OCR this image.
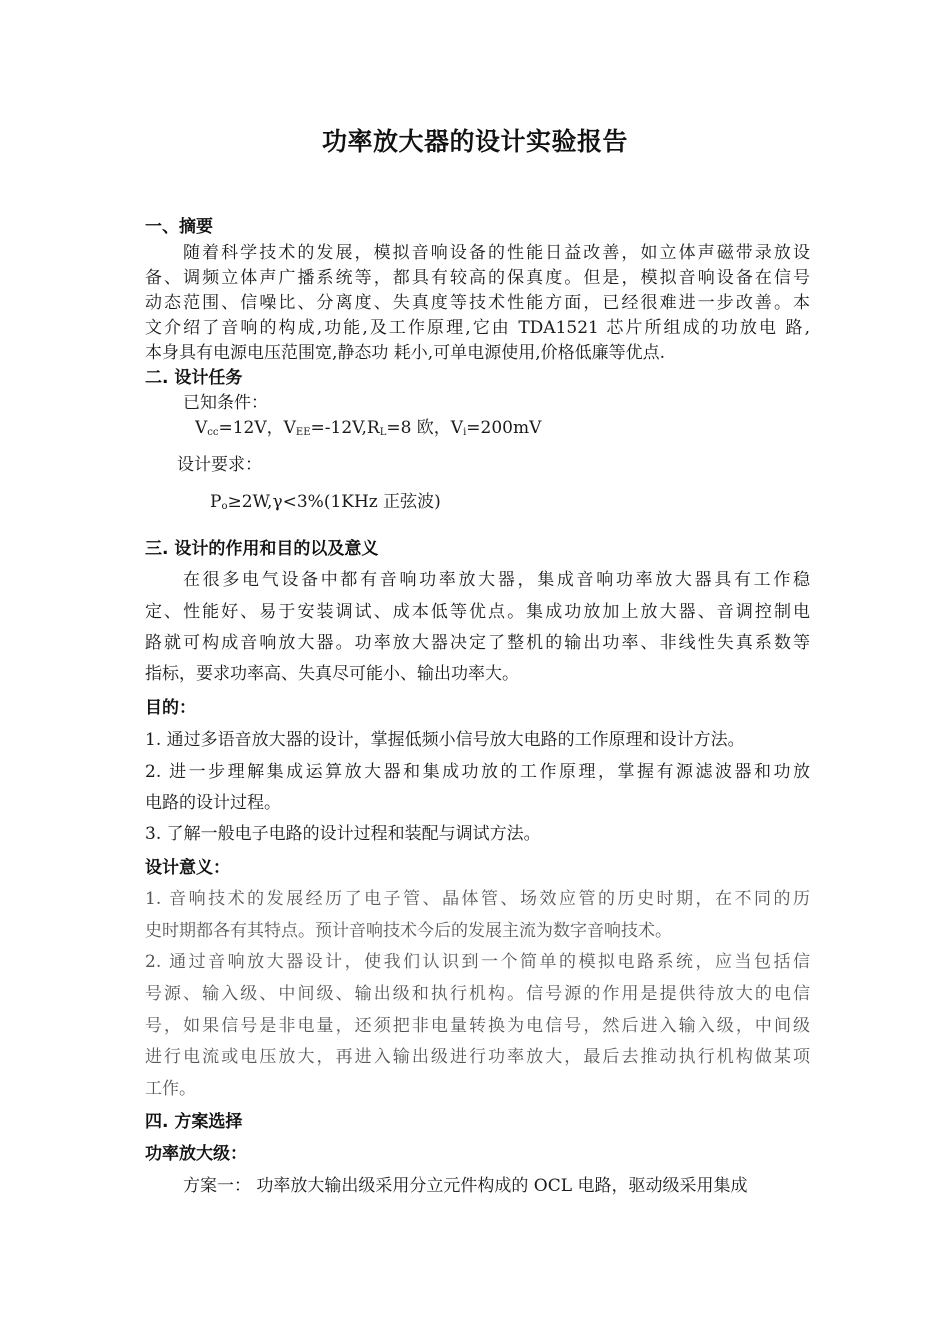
功率放大器的设计实验报告
一、摘要
随着科学技术的发展，模拟音响设备的性能日益改善，如立体声磁带录放设
备、调频立体声广播系统等，都具有较高的保真度。但是，模拟音响设备在信号
动态范围、信噪比、分离度、失真度等技术性能方面，已经很难进一步改善。本
文介绍了音响的构成,功能,及工作原理,它由 TDA1521 芯片所组成的功放电 路,
本身具有电源电压范围宽,静态功 耗小,可单电源使用,价格低廉等优点.
二. 设计任务
已知条件：
$V_{cc}=12V$，$V_{EE}=-12V,R_L=8$ 欧，$V_i=200mV$
设计要求：
$P_o\ge 2W,\gamma<3\%(1KHz$ 正弦波)
三. 设计的作用和目的以及意义
在很多电气设备中都有音响功率放大器，集成音响功率放大器具有工作稳
定、性能好、易于安装调试、成本低等优点。集成功放加上放大器、音调控制电
路就可构成音响放大器。功率放大器决定了整机的输出功率、非线性失真系数等
指标，要求功率高、失真尽可能小、输出功率大。
目的：
1. 通过多语音放大器的设计，掌握低频小信号放大电路的工作原理和设计方法。
2. 进一步理解集成运算放大器和集成功放的工作原理，掌握有源滤波器和功放
电路的设计过程。
3. 了解一般电子电路的设计过程和装配与调试方法。
设计意义：
1. 音响技术的发展经历了电子管、晶体管、场效应管的历史时期，在不同的历
史时期都各有其特点。预计音响技术今后的发展主流为数字音响技术。
2. 通过音响放大器设计，使我们认识到一个简单的模拟电路系统，应当包括信
号源、输入级、中间级、输出级和执行机构。信号源的作用是提供待放大的电信
号，如果信号是非电量，还须把非电量转换为电信号，然后进入输入级，中间级
进行电流或电压放大，再进入输出级进行功率放大，最后去推动执行机构做某项
工作。
四. 方案选择
功率放大级：
方案一： 功率放大输出级采用分立元件构成的 OCL 电路，驱动级采用集成
